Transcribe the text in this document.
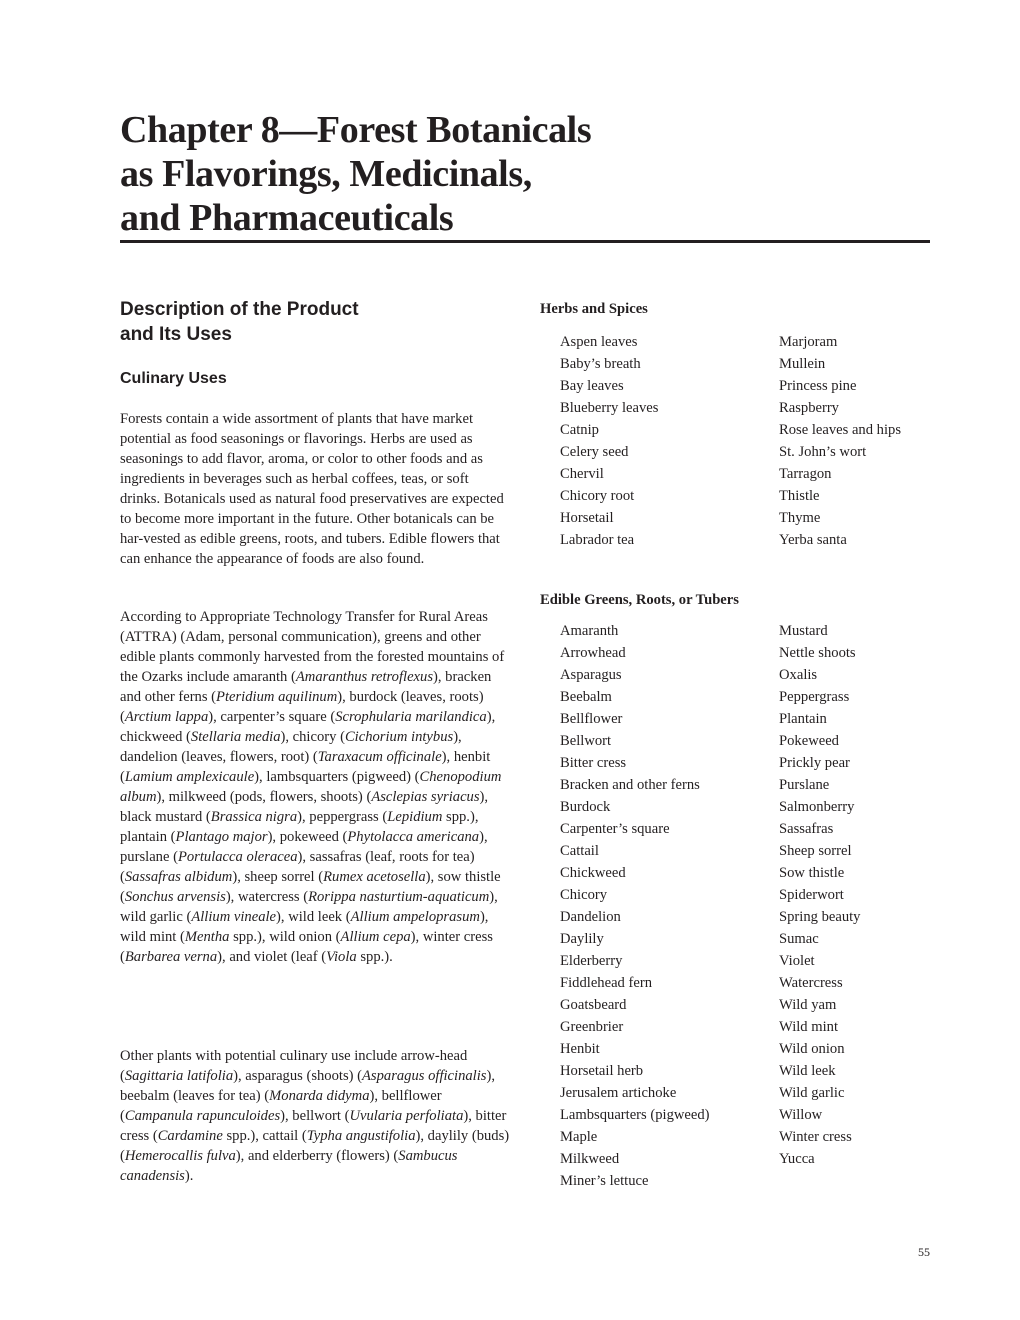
Chapter 8—Forest Botanicals
as Flavorings, Medicinals,
and Pharmaceuticals
Description of the Product
and Its Uses
Culinary Uses

Forests contain a wide assortment of plants that have market potential as food seasonings or flavorings. Herbs are used as seasonings to add flavor, aroma, or color to other foods and as ingredients in beverages such as herbal coffees, teas, or soft drinks. Botanicals used as natural food preservatives are expected to become more important in the future. Other botanicals can be har-vested as edible greens, roots, and tubers. Edible flowers that can enhance the appearance of foods are also found.

According to Appropriate Technology Transfer for Rural Areas (ATTRA) (Adam, personal communication), greens and other edible plants commonly harvested from the forested mountains of the Ozarks include amaranth (Amaranthus retroflexus), bracken and other ferns (Pteridium aquilinum), burdock (leaves, roots) (Arctium lappa), carpenter’s square (Scrophularia marilandica), chickweed (Stellaria media), chicory (Cichorium intybus), dandelion (leaves, flowers, root) (Taraxacum officinale), henbit (Lamium amplexicaule), lambsquarters (pigweed) (Chenopodium album), milkweed (pods, flowers, shoots) (Asclepias syriacus), black mustard (Brassica nigra), peppergrass (Lepidium spp.), plantain (Plantago major), pokeweed (Phytolacca americana), purslane (Portulacca oleracea), sassafras (leaf, roots for tea) (Sassafras albidum), sheep sorrel (Rumex acetosella), sow thistle (Sonchus arvensis), watercress (Rorippa nasturtium-aquaticum), wild garlic (Allium vineale), wild leek (Allium ampeloprasum), wild mint (Mentha spp.), wild onion (Allium cepa), winter cress (Barbarea verna), and violet (leaf (Viola spp.).

Other plants with potential culinary use include arrow-head (Sagittaria latifolia), asparagus (shoots) (Asparagus officinalis), beebalm (leaves for tea) (Monarda didyma), bellflower (Campanula rapunculoides), bellwort (Uvularia perfoliata), bitter cress (Cardamine spp.), cattail (Typha angustifolia), daylily (buds) (Hemerocallis fulva), and elderberry (flowers) (Sambucus canadensis).

Herbs and Spices
Aspen leaves	Marjoram
Baby’s breath	Mullein
Bay leaves	Princess pine
Blueberry leaves	Raspberry
Catnip	Rose leaves and hips
Celery seed	St. John’s wort
Chervil	Tarragon
Chicory root	Thistle
Horsetail	Thyme
Labrador tea	Yerba santa
Edible Greens, Roots, or Tubers
Amaranth	Mustard
Arrowhead	Nettle shoots
Asparagus	Oxalis
Beebalm	Peppergrass
Bellflower	Plantain
Bellwort	Pokeweed
Bitter cress	Prickly pear
Bracken and other ferns	Purslane
Burdock	Salmonberry
Carpenter’s square	Sassafras
Cattail	Sheep sorrel
Chickweed	Sow thistle
Chicory	Spiderwort
Dandelion	Spring beauty
Daylily	Sumac
Elderberry	Violet
Fiddlehead fern	Watercress
Goatsbeard	Wild yam
Greenbrier	Wild mint
Henbit	Wild onion
Horsetail herb	Wild leek
Jerusalem artichoke	Wild garlic
Lambsquarters (pigweed)	Willow
Maple	Winter cress
Milkweed	Yucca
Miner’s lettuce
55
